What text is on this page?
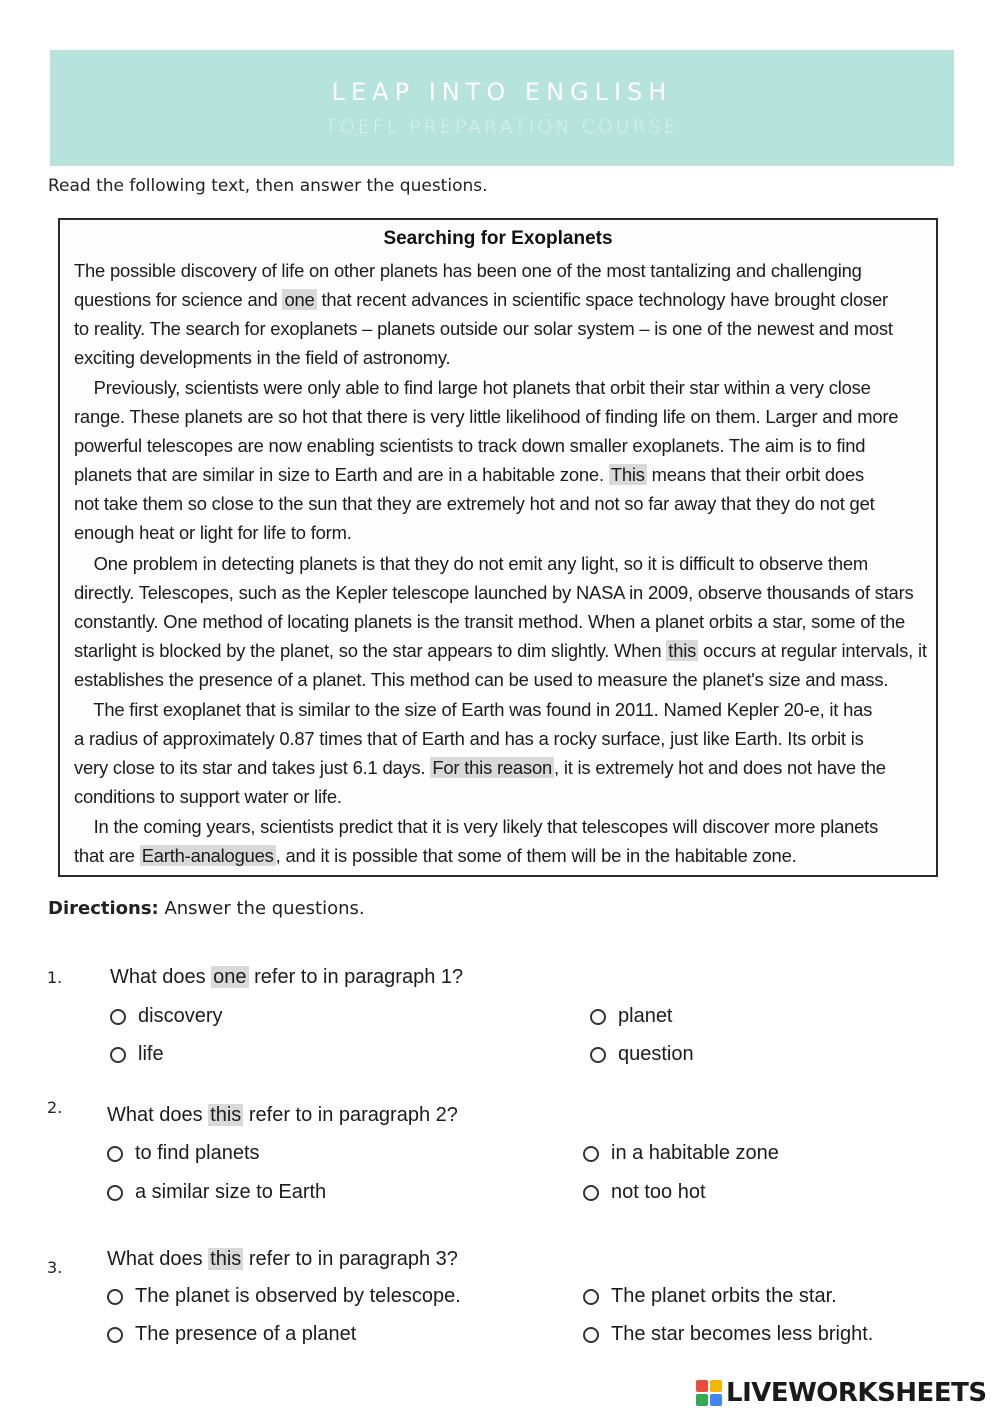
LEAP INTO ENGLISH
TOEFL PREPARATION COURSE
Read the following text, then answer the questions.
Searching for Exoplanets
The possible discovery of life on other planets has been one of the most tantalizing and challenging
questions for science and one that recent advances in scientific space technology have brought closer
to reality. The search for exoplanets – planets outside our solar system – is one of the newest and most
exciting developments in the field of astronomy.
Previously, scientists were only able to find large hot planets that orbit their star within a very close
range. These planets are so hot that there is very little likelihood of finding life on them. Larger and more
powerful telescopes are now enabling scientists to track down smaller exoplanets. The aim is to find
planets that are similar in size to Earth and are in a habitable zone. This means that their orbit does
not take them so close to the sun that they are extremely hot and not so far away that they do not get
enough heat or light for life to form.
One problem in detecting planets is that they do not emit any light, so it is difficult to observe them
directly. Telescopes, such as the Kepler telescope launched by NASA in 2009, observe thousands of stars
constantly. One method of locating planets is the transit method. When a planet orbits a star, some of the
starlight is blocked by the planet, so the star appears to dim slightly. When this occurs at regular intervals, it
establishes the presence of a planet. This method can be used to measure the planet's size and mass.
The first exoplanet that is similar to the size of Earth was found in 2011. Named Kepler 20-e, it has
a radius of approximately 0.87 times that of Earth and has a rocky surface, just like Earth. Its orbit is
very close to its star and takes just 6.1 days. For this reason , it is extremely hot and does not have the
conditions to support water or life.
In the coming years, scientists predict that it is very likely that telescopes will discover more planets
that are Earth-analogues , and it is possible that some of them will be in the habitable zone.
Directions: Answer the questions.
1. What does one refer to in paragraph 1?
discovery	planet
life	question
2. What does this refer to in paragraph 2?
to find planets	in a habitable zone
a similar size to Earth	not too hot
3. What does this refer to in paragraph 3?
The planet is observed by telescope.	The planet orbits the star.
The presence of a planet	The star becomes less bright.
LIVEWORKSHEETS
